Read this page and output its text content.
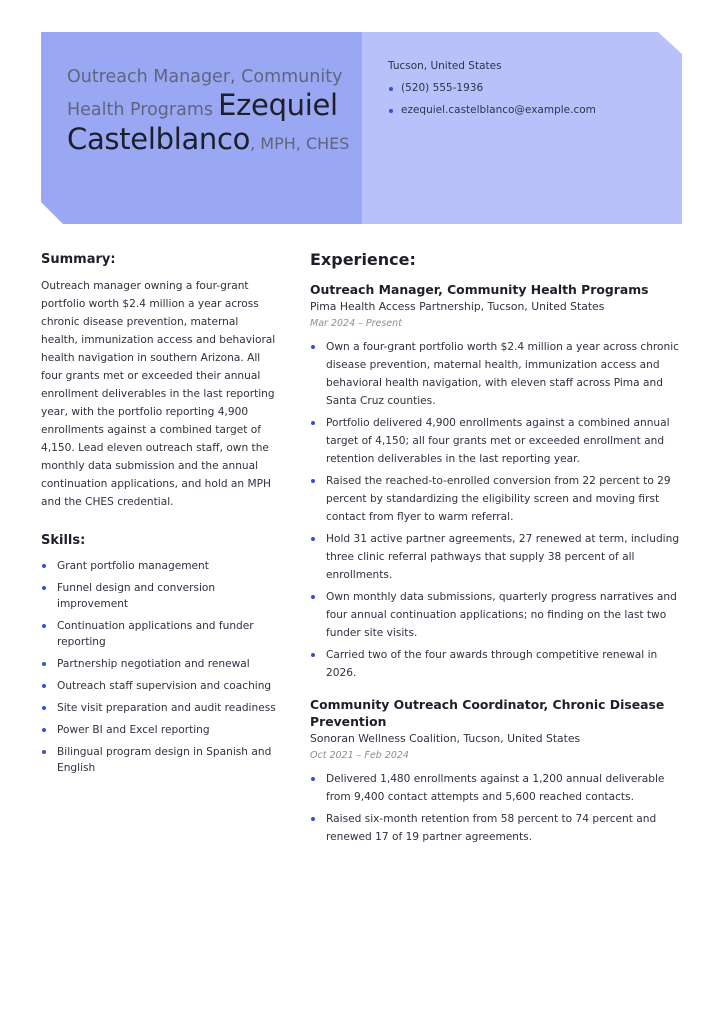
Outreach Manager, Community Health Programs Ezequiel Castelblanco, MPH, CHES
Tucson, United States
(520) 555-1936
ezequiel.castelblanco@example.com
Summary:

Outreach manager owning a four-grant portfolio worth $2.4 million a year across chronic disease prevention, maternal health, immunization access and behavioral health navigation in southern Arizona. All four grants met or exceeded their annual enrollment deliverables in the last reporting year, with the portfolio reporting 4,900 enrollments against a combined target of 4,150. Lead eleven outreach staff, own the monthly data submission and the annual continuation applications, and hold an MPH and the CHES credential.

Skills:
Grant portfolio management
Funnel design and conversion improvement
Continuation applications and funder reporting
Partnership negotiation and renewal
Outreach staff supervision and coaching
Site visit preparation and audit readiness
Power BI and Excel reporting
Bilingual program design in Spanish and English
Experience:
Outreach Manager, Community Health Programs
Pima Health Access Partnership, Tucson, United States
Mar 2024 – Present
Own a four-grant portfolio worth $2.4 million a year across chronic disease prevention, maternal health, immunization access and behavioral health navigation, with eleven staff across Pima and Santa Cruz counties.
Portfolio delivered 4,900 enrollments against a combined annual target of 4,150; all four grants met or exceeded enrollment and retention deliverables in the last reporting year.
Raised the reached-to-enrolled conversion from 22 percent to 29 percent by standardizing the eligibility screen and moving first contact from flyer to warm referral.
Hold 31 active partner agreements, 27 renewed at term, including three clinic referral pathways that supply 38 percent of all enrollments.
Own monthly data submissions, quarterly progress narratives and four annual continuation applications; no finding on the last two funder site visits.
Carried two of the four awards through competitive renewal in 2026.
Community Outreach Coordinator, Chronic Disease Prevention
Sonoran Wellness Coalition, Tucson, United States
Oct 2021 – Feb 2024
Delivered 1,480 enrollments against a 1,200 annual deliverable from 9,400 contact attempts and 5,600 reached contacts.
Raised six-month retention from 58 percent to 74 percent and renewed 17 of 19 partner agreements.
